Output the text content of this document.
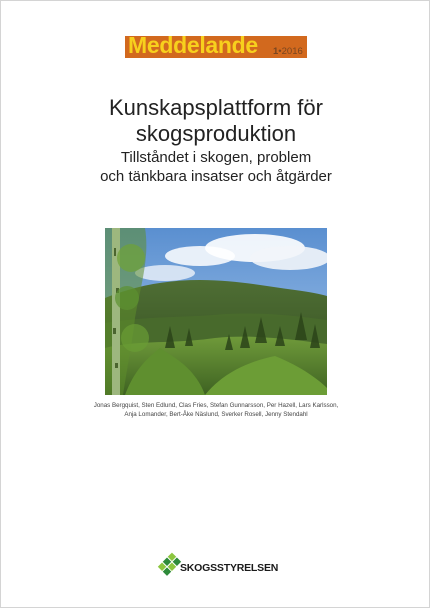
Meddelande 1•2016
Kunskapsplattform för
skogsproduktion
Tillståndet i skogen, problem
och tänkbara insatser och åtgärder
Jonas Bergquist, Sten Edlund, Clas Fries, Stefan Gunnarsson, Per Hazell, Lars Karlsson,
Anja Lomander, Bert-Åke Näslund, Sverker Rosell, Jenny Stendahl
SKOGSSTYRELSEN
